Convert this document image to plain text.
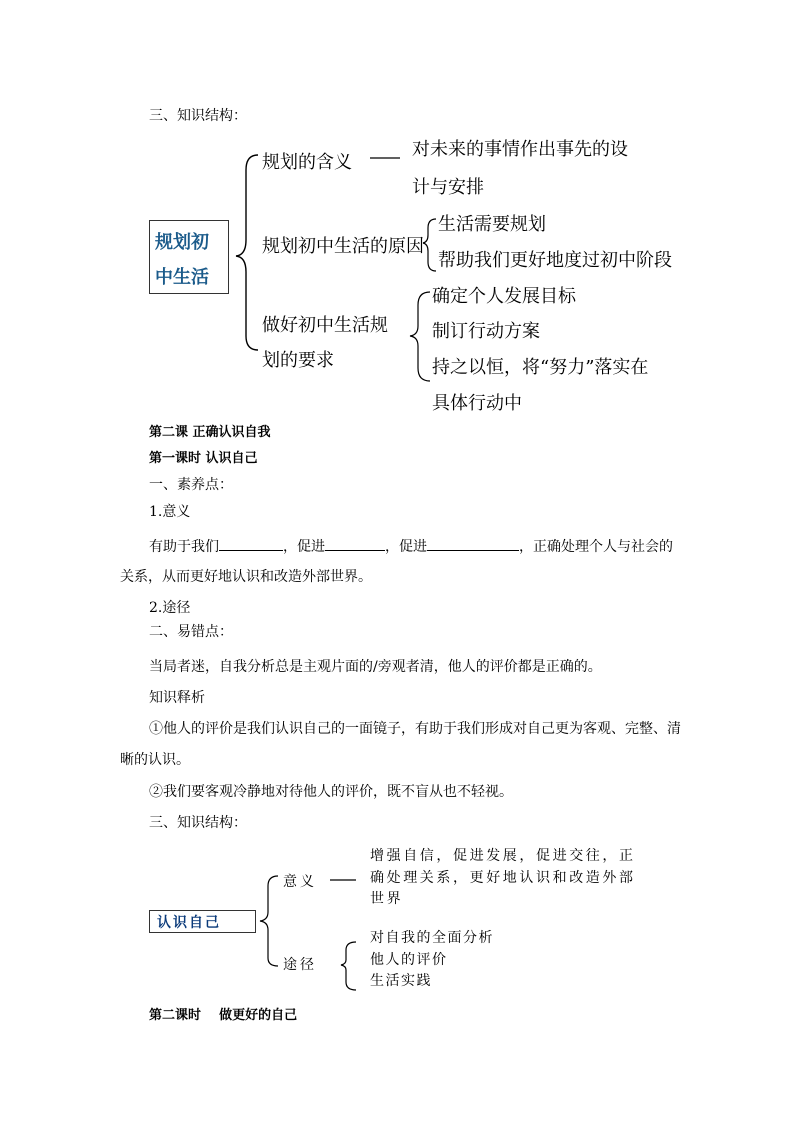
三、知识结构：
规划初
中生活
规划的含义
对未来的事情作出事先的设
计与安排
规划初中生活的原因
生活需要规划
帮助我们更好地度过初中阶段
做好初中生活规
划的要求
确定个人发展目标
制订行动方案
持之以恒，将“努力”落实在
具体行动中
第二课 正确认识自我
第一课时 认识自己
一、素养点：
1.意义
有助于我们	，促进	，促进	，正确处理个人与社会的
关系，从而更好地认识和改造外部世界。
2.途径
二、易错点：
当局者迷，自我分析总是主观片面的/旁观者清，他人的评价都是正确的。
知识释析
①他人的评价是我们认识自己的一面镜子，有助于我们形成对自己更为客观、完整、清
晰的认识。
②我们要客观冷静地对待他人的评价，既不盲从也不轻视。
三、知识结构：
认识自己
意义
增强自信，促进发展，促进交往，正
确处理关系，更好地认识和改造外部
世界
途径
对自我的全面分析
他人的评价
生活实践
第二课时    做更好的自己
